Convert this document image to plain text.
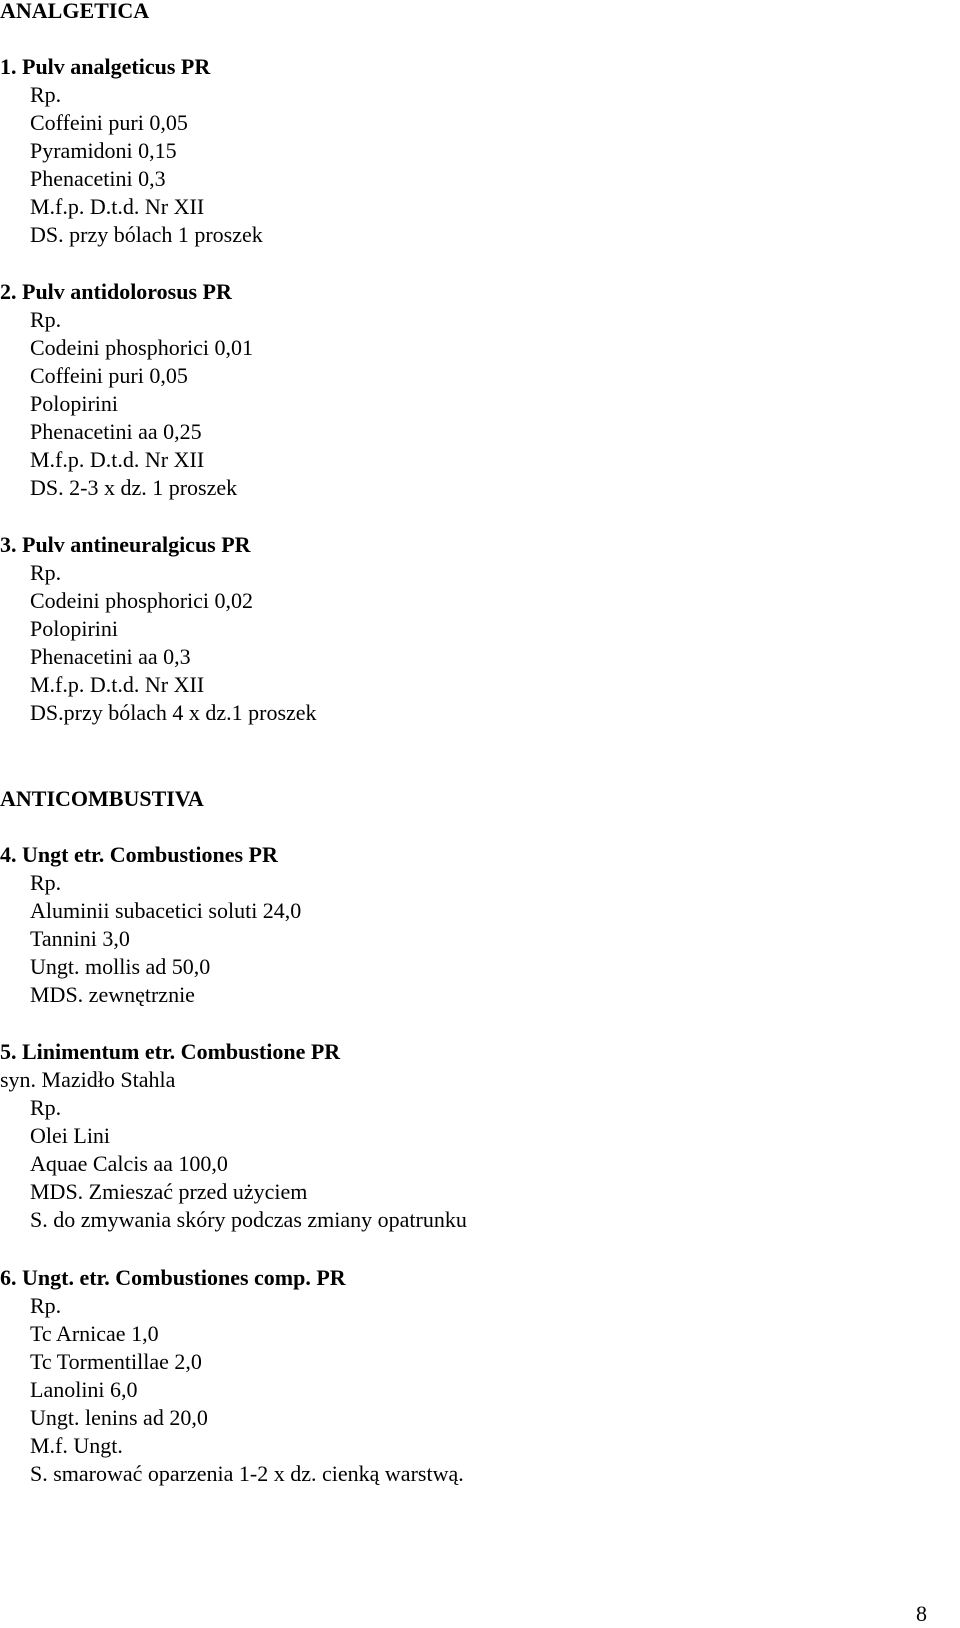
ANALGETICA
1. Pulv analgeticus PR
Rp.
Coffeini puri 0,05
Pyramidoni 0,15
Phenacetini 0,3
M.f.p. D.t.d. Nr XII
DS. przy bólach 1 proszek
2. Pulv antidolorosus PR
Rp.
Codeini phosphorici 0,01
Coffeini puri 0,05
Polopirini
Phenacetini aa 0,25
M.f.p. D.t.d. Nr XII
DS. 2-3 x dz. 1 proszek
3. Pulv antineuralgicus PR
Rp.
Codeini phosphorici 0,02
Polopirini
Phenacetini aa 0,3
M.f.p. D.t.d. Nr XII
DS.przy bólach 4 x dz.1 proszek
ANTICOMBUSTIVA
4. Ungt etr. Combustiones PR
Rp.
Aluminii subacetici soluti 24,0
Tannini 3,0
Ungt. mollis ad 50,0
MDS. zewnętrznie
5. Linimentum etr. Combustione PR
syn. Mazidło Stahla
Rp.
Olei Lini
Aquae Calcis aa 100,0
MDS. Zmieszać przed użyciem
S. do zmywania skóry podczas zmiany opatrunku
6. Ungt. etr. Combustiones comp. PR
Rp.
Tc Arnicae 1,0
Tc Tormentillae 2,0
Lanolini 6,0
Ungt. lenins ad 20,0
M.f. Ungt.
S. smarować oparzenia 1-2 x dz. cienką warstwą.
8
